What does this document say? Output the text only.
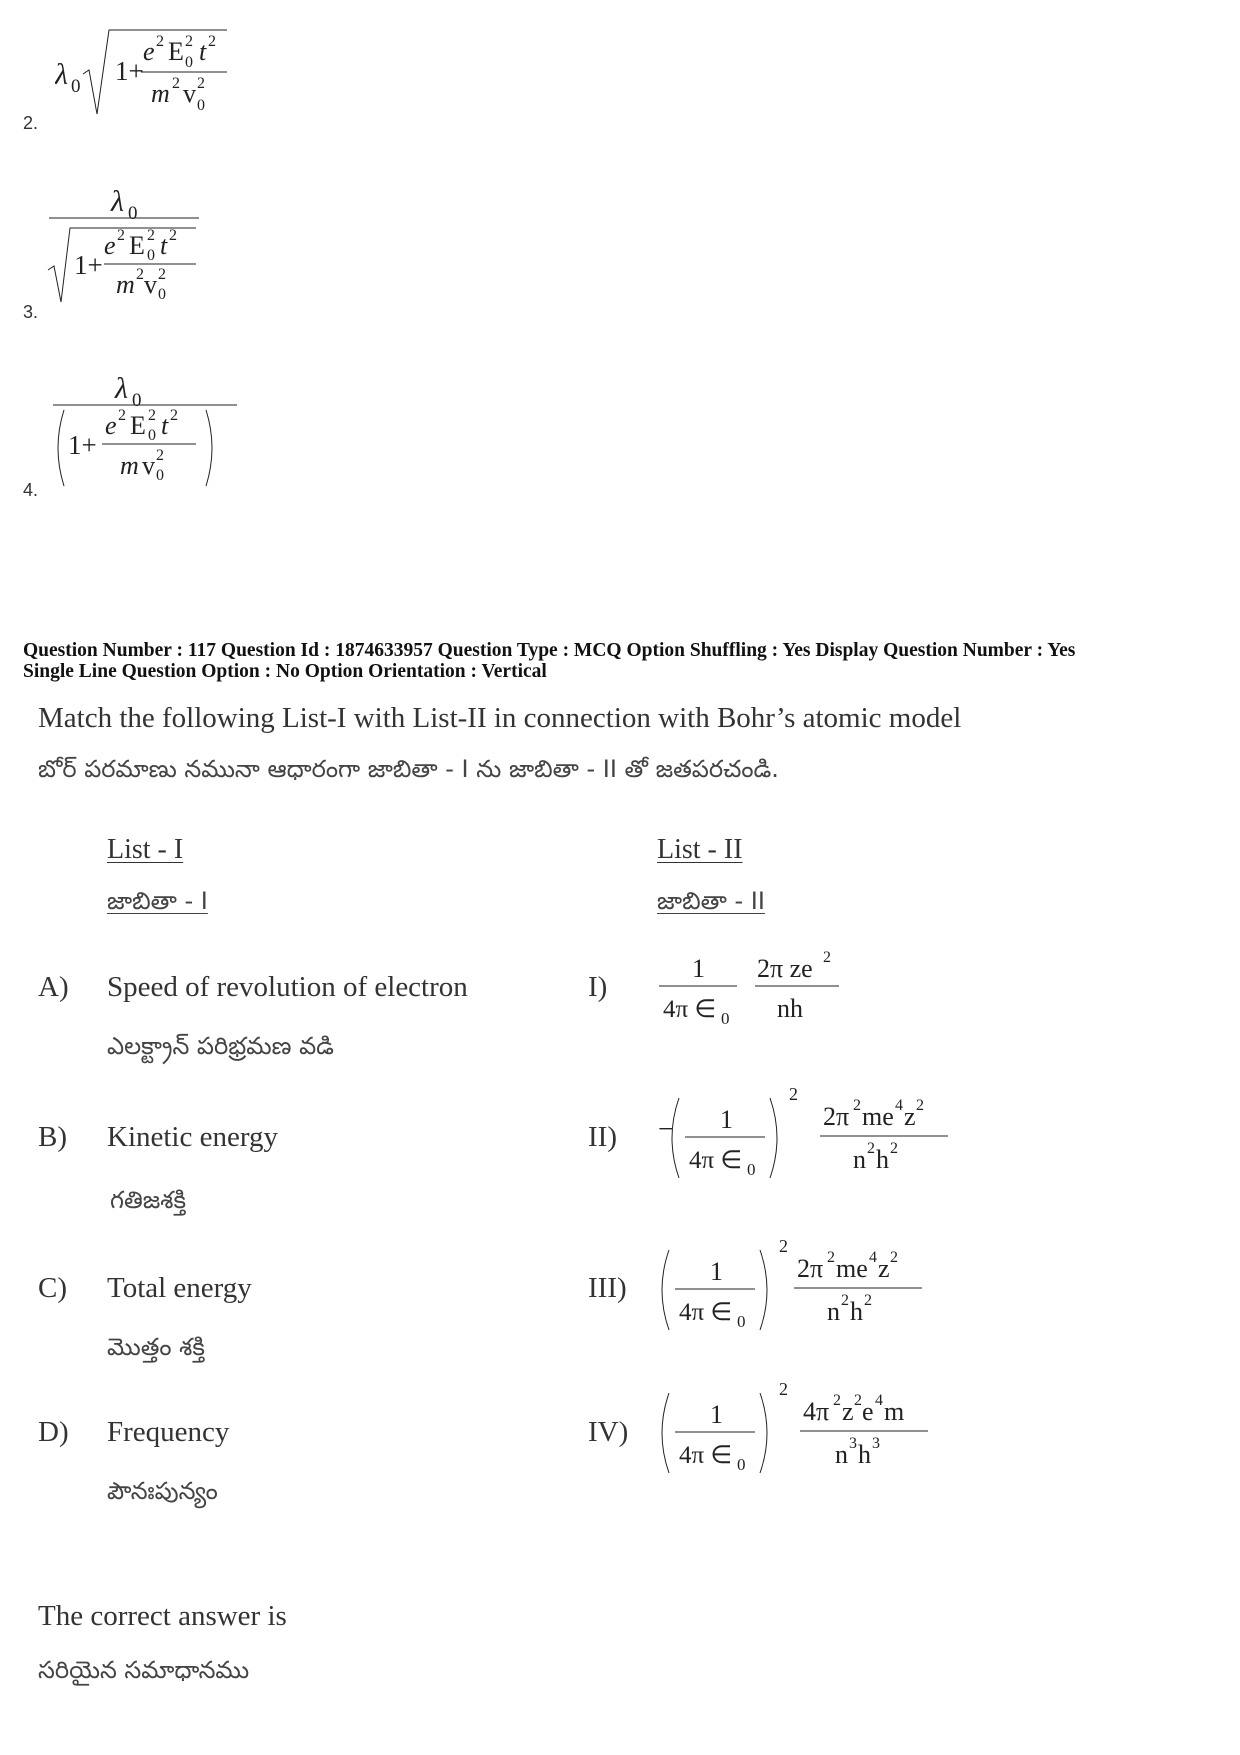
λ 0
1+
e 2 E 2
0 t 2
m 2 v 2
0
2.
λ 0
1+
e 2 E 2
0 t 2
m 2 v 2
0
3.
λ 0
1+
e 2 E 2
0 t 2
m v 2
0
4.
Question Number : 117 Question Id : 1874633957 Question Type : MCQ Option Shuffling : Yes Display Question Number : Yes
Single Line Question Option : No Option Orientation : Vertical
Match the following List-I with List-II in connection with Bohr’s atomic model
బోర్ పరమాణు నమునా ఆధారంగా జాబితా - I ను జాబితా - II తో జతపరచండి.
List - I
జాబితా - I
List - II
జాబితా - II
A) Speed of revolution of electron
ఎలక్ట్రాన్ పరిభ్రమణ వడి
B) Kinetic energy
గతిజశక్తి
C) Total energy
మొత్తం శక్తి
D) Frequency
పౌనఃపున్యం
I)
1
4π ∈ 0
2π ze 2
nh
II) − 1
4π ∈ 0
2
2π 2 me 4 z 2
n 2 h 2
III)
1
4π ∈ 0
2
2π 2 me 4 z 2
n 2 h 2
IV)
1
4π ∈ 0
2
4π 2 z 2 e 4 m
n 3 h 3
The correct answer is
సరియైన సమాధానము
